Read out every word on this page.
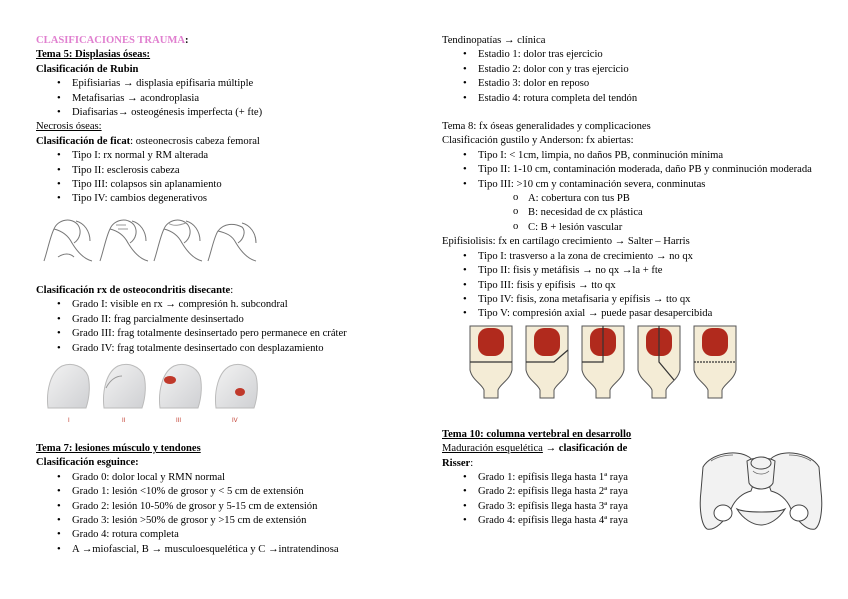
CLASIFICACIONES TRAUMA:
Tema 5: Displasias óseas:
Clasificación de Rubin
• Epifisiarias → displasia epifisaria múltiple
• Metafisarias → acondroplasia
• Diafisarias→ osteogénesis imperfecta (+ fte)
Necrosis óseas:
Clasificación de ficat: osteonecrosis cabeza femoral
• Tipo I: rx normal y RM alterada
• Tipo II: esclerosis cabeza
• Tipo III: colapsos sin aplanamiento
• Tipo IV: cambios degenerativos
Clasificación rx de osteocondritis disecante:
• Grado I: visible en rx → compresión h. subcondral
• Grado II: frag parcialmente desinsertado
• Grado III: frag totalmente desinsertado pero permanece en cráter
• Grado IV: frag totalmente desinsertado con desplazamiento
I	II	III	IV
Tema 7: lesiones músculo y tendones
Clasificación esguince:
• Grado 0: dolor local y RMN normal
• Grado 1: lesión <10% de grosor y < 5 cm de extensión
• Grado 2: lesión 10-50% de grosor y 5-15 cm de extensión
• Grado 3: lesión >50% de grosor y >15 cm de extensión
• Grado 4: rotura completa
• A →miofascial, B → musculoesquelética y C →intratendinosa
Tendinopatías → clínica
• Estadio 1: dolor tras ejercicio
• Estadio 2: dolor con y tras ejercicio
• Estadio 3: dolor en reposo
• Estadio 4: rotura completa del tendón
Tema 8: fx óseas generalidades y complicaciones
Clasificación gustilo y Anderson: fx abiertas:
• Tipo I: < 1cm, limpia, no daños PB, conminución mínima
• Tipo II: 1-10 cm, contaminación moderada, daño PB y conminución moderada
• Tipo III: >10 cm y contaminación severa, conminutas
o A: cobertura con tus PB
o B: necesidad de cx plástica
o C: B + lesión vascular
Epifisiolisis: fx en cartílago crecimiento → Salter – Harris
• Tipo I: trasverso a la zona de crecimiento → no qx
• Tipo II: fisis y metáfisis → no qx →la + fte
• Tipo III: fisis y epífisis → tto qx
• Tipo IV: fisis, zona metafisaria y epífisis → tto qx
• Tipo V: compresión axial → puede pasar desapercibida
Tema 10: columna vertebral en desarrollo
Maduración esquelética → clasificación de
Risser:
• Grado 1: epífisis llega hasta 1ª raya
• Grado 2: epífisis llega hasta 2ª raya
• Grado 3: epífisis llega hasta 3ª raya
• Grado 4: epífisis llega hasta 4ª raya
